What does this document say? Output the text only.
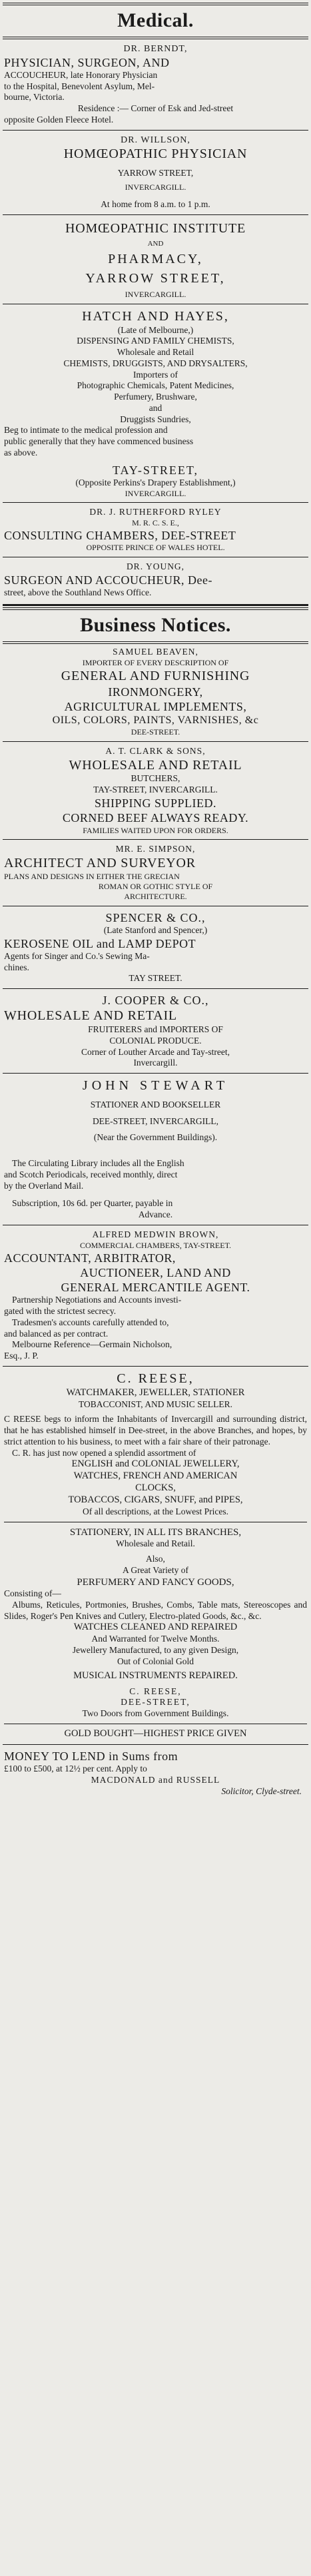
Medical.
DR. BERNDT,
PHYSICIAN, SURGEON, AND
ACCOUCHEUR, late Honorary Physician
to the Hospital, Benevolent Asylum, Mel-
bourne, Victoria.
Residence :— Corner of Esk and Jed-street
opposite Golden Fleece Hotel.
DR. WILLSON,
HOMŒOPATHIC PHYSICIAN
YARROW STREET,
INVERCARGILL.
At home from 8 a.m. to 1 p.m.
HOMŒOPATHIC INSTITUTE
AND
PHARMACY,
YARROW STREET,
INVERCARGILL.
HATCH AND HAYES,
(Late of Melbourne,)
DISPENSING AND FAMILY CHEMISTS,
Wholesale and Retail
CHEMISTS, DRUGGISTS, AND DRYSALTERS,
Importers of
Photographic Chemicals, Patent Medicines,
Perfumery, Brushware,
and
Druggists Sundries,
Beg to intimate to the medical profession and
public generally that they have commenced business
as above.
TAY-STREET,
(Opposite Perkins's Drapery Establishment,)
INVERCARGILL.
DR. J. RUTHERFORD RYLEY
M. R. C. S. E.,
CONSULTING CHAMBERS, DEE-STREET
OPPOSITE PRINCE OF WALES HOTEL.
DR. YOUNG,
SURGEON AND ACCOUCHEUR, Dee-
street, above the Southland News Office.
Business Notices.
SAMUEL BEAVEN,
IMPORTER OF EVERY DESCRIPTION OF
GENERAL AND FURNISHING
IRONMONGERY,
AGRICULTURAL IMPLEMENTS,
OILS, COLORS, PAINTS, VARNISHES, &c
DEE-STREET.
A. T. CLARK & SONS,
WHOLESALE AND RETAIL
BUTCHERS,
TAY-STREET, INVERCARGILL.
SHIPPING SUPPLIED.
CORNED BEEF ALWAYS READY.
FAMILIES WAITED UPON FOR ORDERS.
MR. E. SIMPSON,
ARCHITECT AND SURVEYOR
PLANS AND DESIGNS IN EITHER THE GRECIAN
ROMAN OR GOTHIC STYLE OF
ARCHITECTURE.
SPENCER & CO.,
(Late Stanford and Spencer,)
KEROSENE OIL and LAMP DEPOT
Agents for Singer and Co.'s Sewing Ma-
chines.
TAY STREET.
J. COOPER & CO.,
WHOLESALE AND RETAIL
FRUITERERS and IMPORTERS OF
COLONIAL PRODUCE.
Corner of Louther Arcade and Tay-street,
Invercargill.
JOHN STEWART
STATIONER AND BOOKSELLER
DEE-STREET, INVERCARGILL,
(Near the Government Buildings).
The Circulating Library includes all the English
and Scotch Periodicals, received monthly, direct
by the Overland Mail.
Subscription, 10s 6d. per Quarter, payable in
Advance.
ALFRED MEDWIN BROWN,
COMMERCIAL CHAMBERS, TAY-STREET.
ACCOUNTANT, ARBITRATOR,
AUCTIONEER, LAND AND
GENERAL MERCANTILE AGENT.
Partnership Negotiations and Accounts investi-
gated with the strictest secrecy.
Tradesmen's accounts carefully attended to,
and balanced as per contract.
Melbourne Reference—Germain Nicholson,
Esq., J. P.
C. REESE,
WATCHMAKER, JEWELLER, STATIONER
TOBACCONIST, AND MUSIC SELLER.
C REESE begs to inform the Inhabitants of Invercargill and surrounding district, that he has established himself in Dee-street, in the above Branches, and hopes, by strict attention to his business, to meet with a fair share of their patronage.
C. R. has just now opened a splendid assortment of
ENGLISH and COLONIAL JEWELLERY,
WATCHES, FRENCH AND AMERICAN
CLOCKS,
TOBACCOS, CIGARS, SNUFF, and PIPES,
Of all descriptions, at the Lowest Prices.
STATIONERY, IN ALL ITS BRANCHES,
Wholesale and Retail.
Also,
A Great Variety of
PERFUMERY AND FANCY GOODS,
Consisting of—
Albums, Reticules, Portmonies, Brushes, Combs, Table mats, Stereoscopes and Slides, Roger's Pen Knives and Cutlery, Electro-plated Goods, &c., &c.
WATCHES CLEANED AND REPAIRED
And Warranted for Twelve Months.
Jewellery Manufactured, to any given Design,
Out of Colonial Gold
MUSICAL INSTRUMENTS REPAIRED.
C. REESE,
DEE-STREET,
Two Doors from Government Buildings.
GOLD BOUGHT—HIGHEST PRICE GIVEN
MONEY TO LEND in Sums from
£100 to £500, at 12½ per cent. Apply to
MACDONALD and RUSSELL
Solicitor, Clyde-street.
